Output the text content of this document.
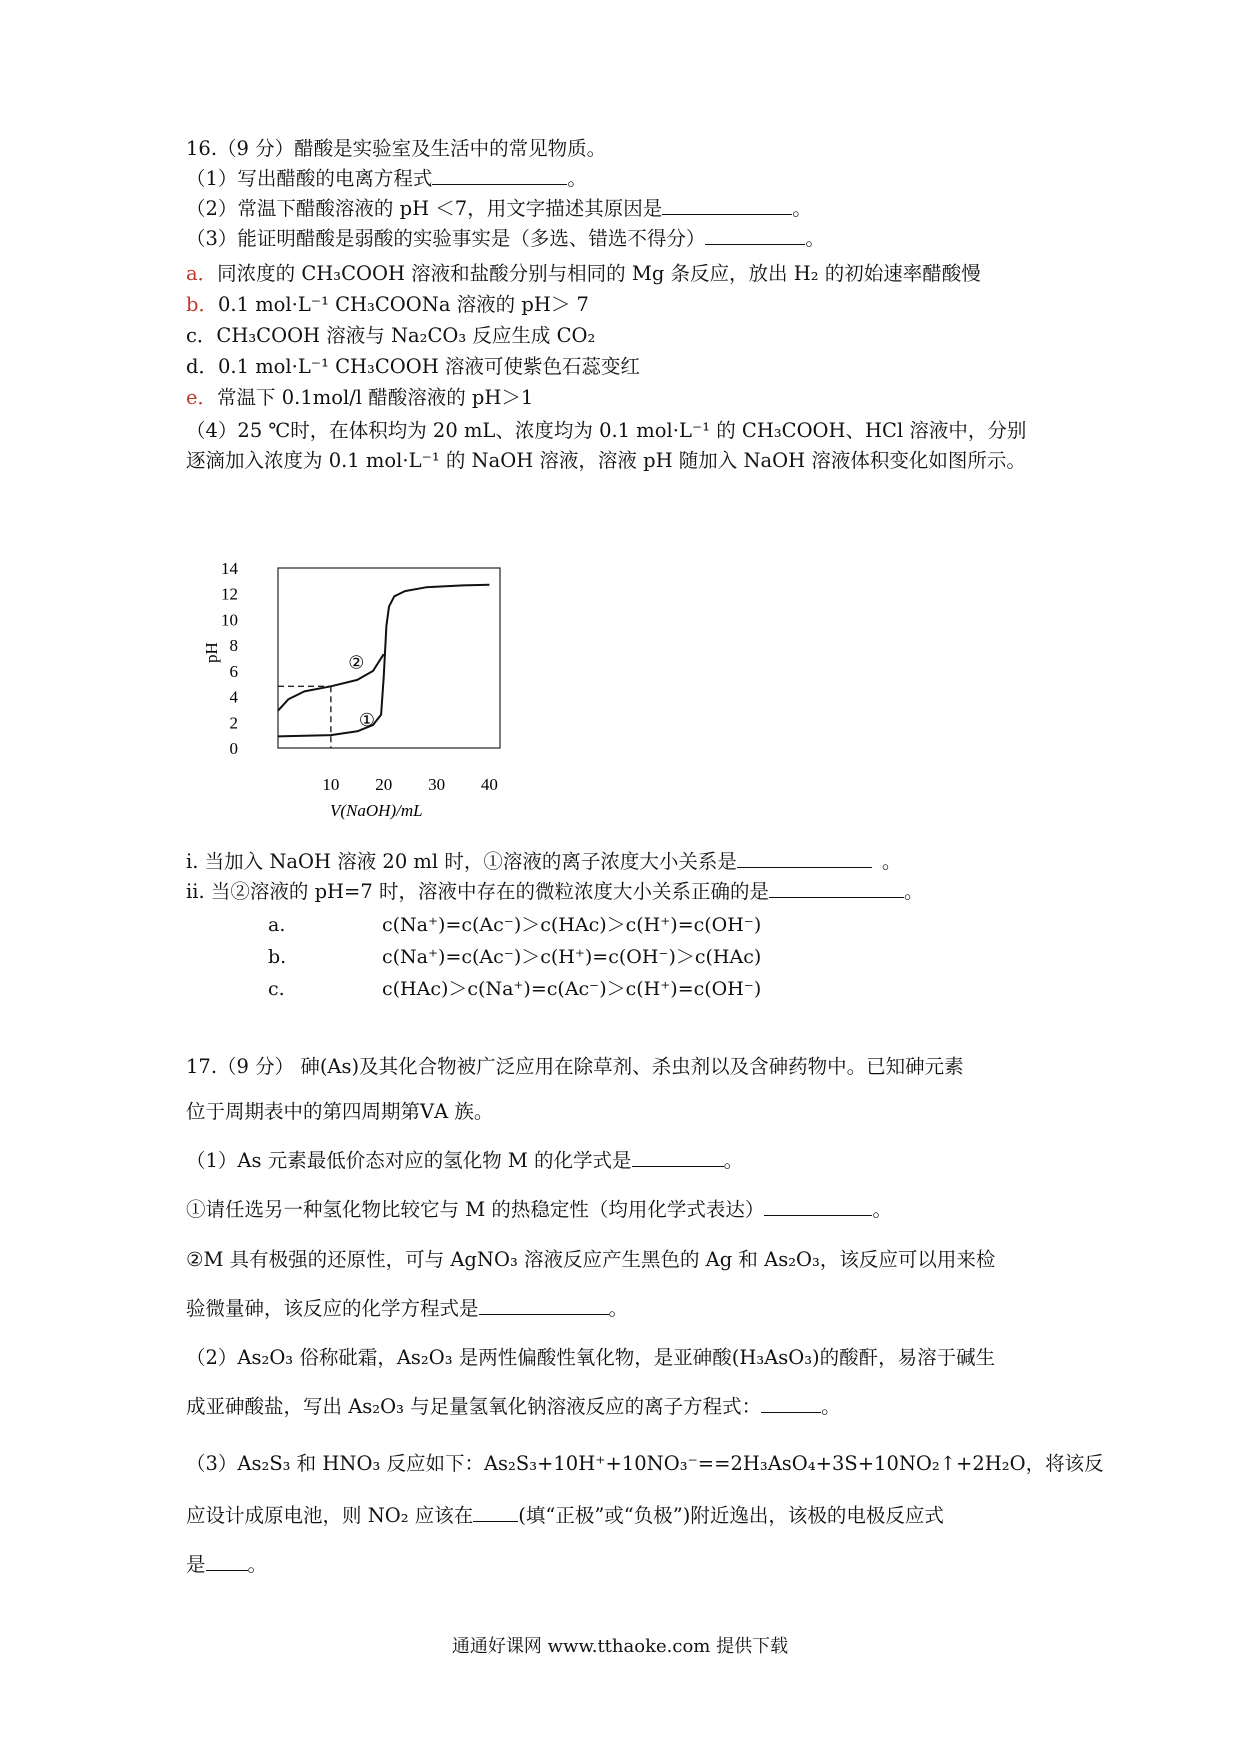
16.（9 分）醋酸是实验室及生活中的常见物质。
（1）写出醋酸的电离方程式	。
（2）常温下醋酸溶液的 pH ＜7，用文字描述其原因是	。
（3）能证明醋酸是弱酸的实验事实是（多选、错选不得分）	。
a．同浓度的 CH₃COOH 溶液和盐酸分别与相同的 Mg 条反应，放出 H₂ 的初始速率醋酸慢
b．0.1 mol·L⁻¹ CH₃COONa 溶液的 pH＞ 7
c．CH₃COOH 溶液与 Na₂CO₃ 反应生成 CO₂
d．0.1 mol·L⁻¹ CH₃COOH 溶液可使紫色石蕊变红
e．常温下 0.1mol/l 醋酸溶液的 pH＞1
（4）25 ℃时，在体积均为 20 mL、浓度均为 0.1 mol·L⁻¹ 的 CH₃COOH、HCl 溶液中，分别
逐滴加入浓度为 0.1 mol·L⁻¹ 的 NaOH 溶液，溶液 pH 随加入 NaOH 溶液体积变化如图所示。
pH
0
2
4
6
8
10
12
14
10 20 30 40
①
②
V(NaOH)/mL
ⅰ. 当加入 NaOH 溶液 20 ml 时，①溶液的离子浓度大小关系是	。
ⅱ. 当②溶液的 pH=7 时，溶液中存在的微粒浓度大小关系正确的是	。
a.	c(Na⁺)=c(Ac⁻)＞c(HAc)＞c(H⁺)=c(OH⁻)
b.	c(Na⁺)=c(Ac⁻)＞c(H⁺)=c(OH⁻)＞c(HAc)
c.	c(HAc)＞c(Na⁺)=c(Ac⁻)＞c(H⁺)=c(OH⁻)
17.（9 分） 砷(As)及其化合物被广泛应用在除草剂、杀虫剂以及含砷药物中。已知砷元素
位于周期表中的第四周期第ⅤA 族。
（1）As 元素最低价态对应的氢化物 M 的化学式是	。
①请任选另一种氢化物比较它与 M 的热稳定性（均用化学式表达）	。
②M 具有极强的还原性，可与 AgNO₃ 溶液反应产生黑色的 Ag 和 As₂O₃，该反应可以用来检
验微量砷，该反应的化学方程式是	。
（2）As₂O₃ 俗称砒霜，As₂O₃ 是两性偏酸性氧化物，是亚砷酸(H₃AsO₃)的酸酐，易溶于碱生
成亚砷酸盐，写出 As₂O₃ 与足量氢氧化钠溶液反应的离子方程式：	。
（3）As₂S₃ 和 HNO₃ 反应如下：As₂S₃+10H⁺+10NO₃⁻==2H₃AsO₄+3S+10NO₂↑+2H₂O，将该反
应设计成原电池，则 NO₂ 应该在 (填“正极”或“负极”)附近逸出，该极的电极反应式
是 。
通通好课网 www.tthaoke.com 提供下载
